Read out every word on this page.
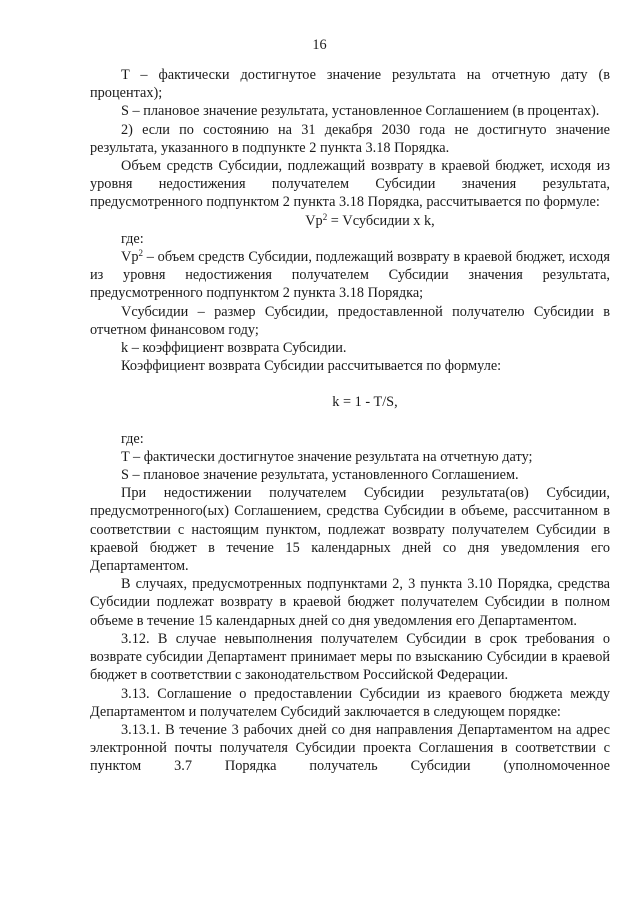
16

T – фактически достигнутое значение результата на отчетную дату (в процентах);

S – плановое значение результата, установленное Соглашением (в процентах).

2) если по состоянию на 31 декабря 2030 года не достигнуто значение результата, указанного в подпункте 2 пункта 3.18 Порядка.

Объем средств Субсидии, подлежащий возврату в краевой бюджет, исходя из уровня недостижения получателем Субсидии значения результата, предусмотренного подпунктом 2 пункта 3.18 Порядка, рассчитывается по формуле:

$Vр^2$ = Vсубсидии x k,

где:

$Vр^2$ – объем средств Субсидии, подлежащий возврату в краевой бюджет, исходя из уровня недостижения получателем Субсидии значения результата, предусмотренного подпунктом 2 пункта 3.18 Порядка;

Vсубсидии – размер Субсидии, предоставленной получателю Субсидии в отчетном финансовом году;

k – коэффициент возврата Субсидии.

Коэффициент возврата Субсидии рассчитывается по формуле:

k = 1 - T/S,

где:

T – фактически достигнутое значение результата на отчетную дату;

S – плановое значение результата, установленного Соглашением.

При недостижении получателем Субсидии результата(ов) Субсидии, предусмотренного(ых) Соглашением, средства Субсидии в объеме, рассчитанном в соответствии с настоящим пунктом, подлежат возврату получателем Субсидии в краевой бюджет в течение 15 календарных дней со дня уведомления его Департаментом.

В случаях, предусмотренных подпунктами 2, 3 пункта 3.10 Порядка, средства Субсидии подлежат возврату в краевой бюджет получателем Субсидии в полном объеме в течение 15 календарных дней со дня уведомления его Департаментом.

3.12. В случае невыполнения получателем Субсидии в срок требования о возврате субсидии Департамент принимает меры по взысканию Субсидии в краевой бюджет в соответствии с законодательством Российской Федерации.

3.13. Соглашение о предоставлении Субсидии из краевого бюджета между Департаментом и получателем Субсидий заключается в следующем порядке:

3.13.1. В течение 3 рабочих дней со дня направления Департаментом на адрес электронной почты получателя Субсидии проекта Соглашения в соответствии с пунктом 3.7 Порядка получатель Субсидии (уполномоченное
